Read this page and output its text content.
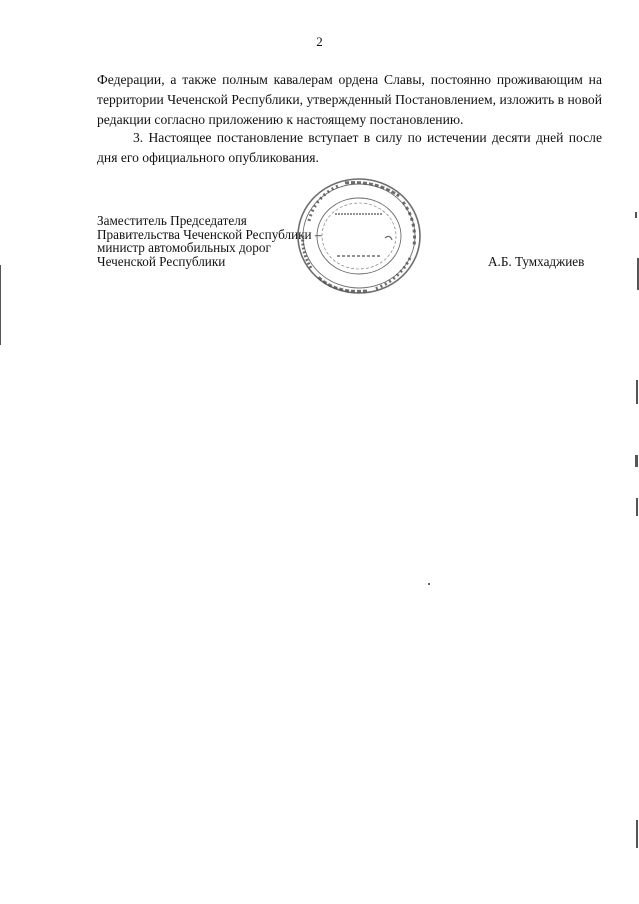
2
Федерации, а также полным кавалерам ордена Славы, постоянно проживающим на территории Чеченской Республики, утвержденный Постановлением, изложить в новой редакции согласно приложению к настоящему постановлению.
3. Настоящее постановление вступает в силу по истечении десяти дней после дня его официального опубликования.
Заместитель Председателя
Правительства Чеченской Республики –
министр автомобильных дорог
Чеченской Республики	А.Б. Тумхаджиев
